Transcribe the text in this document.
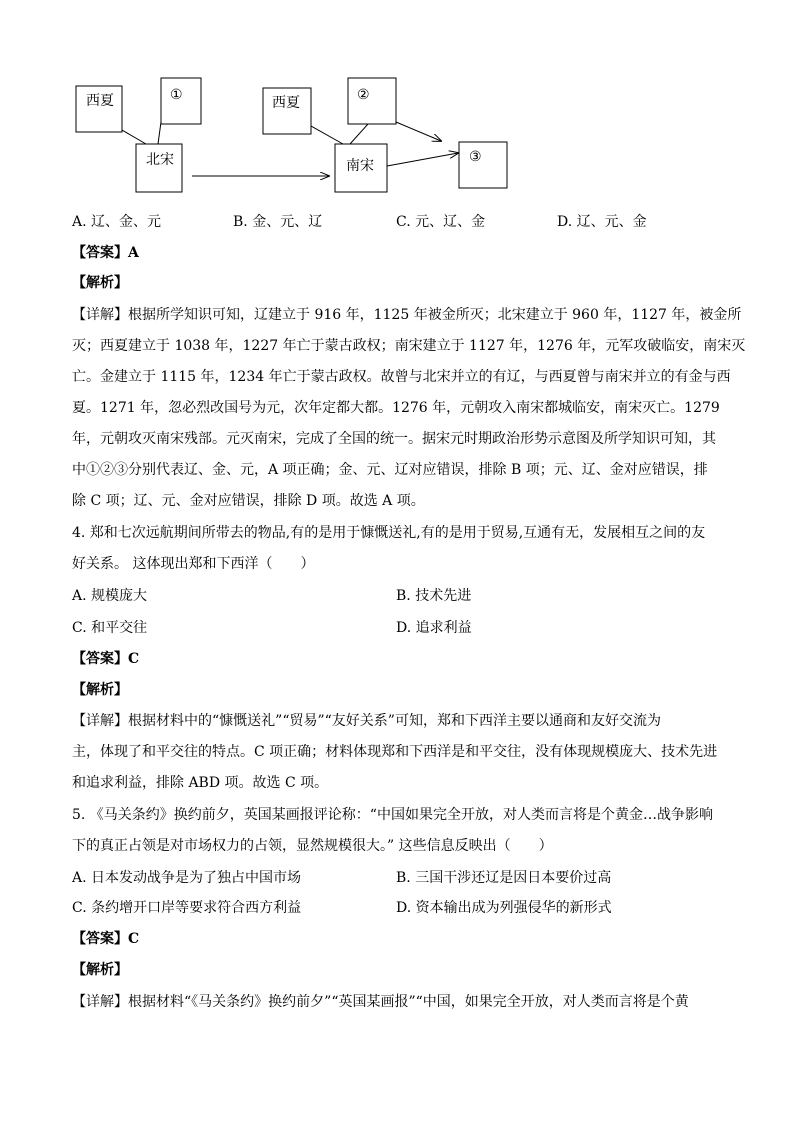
西夏	①
北宋
西夏	②
南宋
③
A. 辽、金、元	B. 金、元、辽	C. 元、辽、金	D. 辽、元、金
【答案】A
【解析】
【详解】根据所学知识可知，辽建立于 916 年，1125 年被金所灭；北宋建立于 960 年，1127 年，被金所
灭；西夏建立于 1038 年，1227 年亡于蒙古政权；南宋建立于 1127 年，1276 年，元军攻破临安，南宋灭
亡。金建立于 1115 年，1234 年亡于蒙古政权。故曾与北宋并立的有辽，与西夏曾与南宋并立的有金与西
夏。1271 年，忽必烈改国号为元，次年定都大都。1276 年，元朝攻入南宋都城临安，南宋灭亡。1279
年，元朝攻灭南宋残部。元灭南宋，完成了全国的统一。据宋元时期政治形势示意图及所学知识可知，其
中①②③分别代表辽、金、元，A 项正确；金、元、辽对应错误，排除 B 项；元、辽、金对应错误，排
除 C 项；辽、元、金对应错误，排除 D 项。故选 A 项。
4. 郑和七次远航期间所带去的物品,有的是用于慷慨送礼,有的是用于贸易,互通有无，发展相互之间的友
好关系。 这体现出郑和下西洋（　　）
A. 规模庞大	B. 技术先进
C. 和平交往	D. 追求利益
【答案】C
【解析】
【详解】根据材料中的“慷慨送礼”“贸易”“友好关系”可知，郑和下西洋主要以通商和友好交流为
主，体现了和平交往的特点。C 项正确；材料体现郑和下西洋是和平交往，没有体现规模庞大、技术先进
和追求利益，排除 ABD 项。故选 C 项。
5. 《马关条约》换约前夕，英国某画报评论称：“中国如果完全开放，对人类而言将是个黄金…战争影响
下的真正占领是对市场权力的占领，显然规模很大。” 这些信息反映出（　　）
A. 日本发动战争是为了独占中国市场	B. 三国干涉还辽是因日本要价过高
C. 条约增开口岸等要求符合西方利益	D. 资本输出成为列强侵华的新形式
【答案】C
【解析】
【详解】根据材料“《马关条约》换约前夕”“英国某画报”“中国，如果完全开放，对人类而言将是个黄
